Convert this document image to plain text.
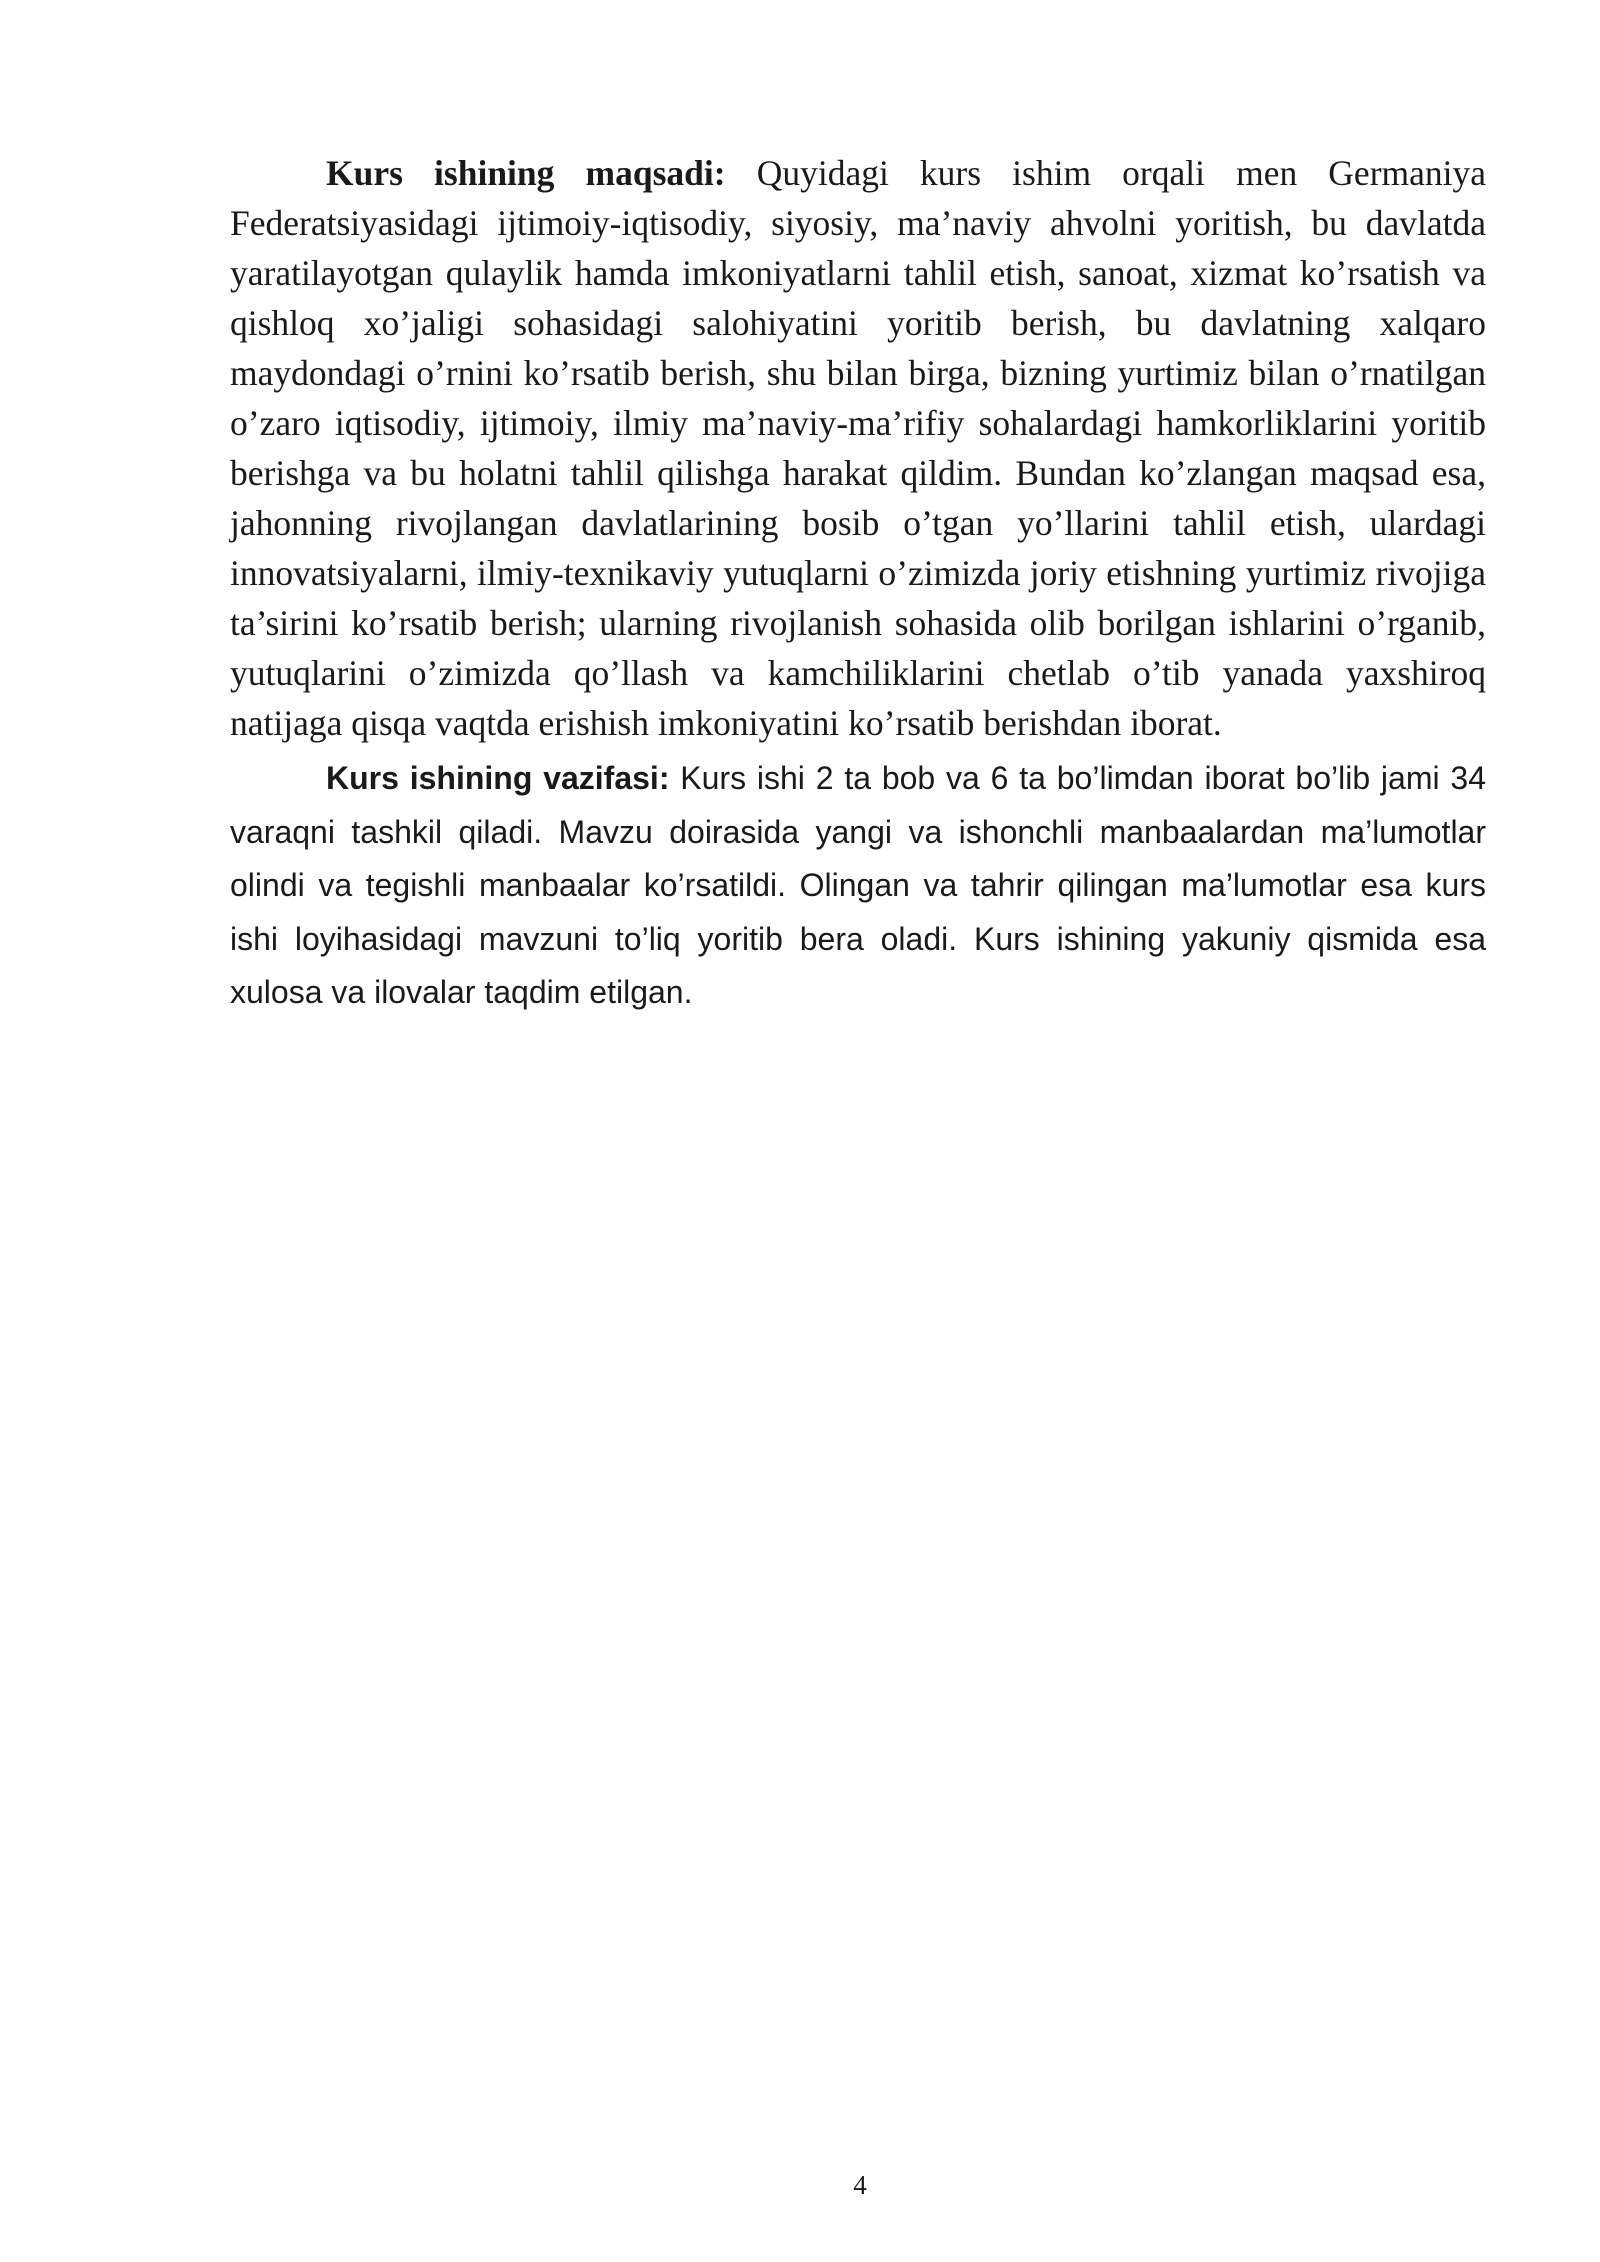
Kurs ishining maqsadi: Quyidagi kurs ishim orqali men Germaniya Federatsiyasidagi ijtimoiy-iqtisodiy, siyosiy, ma’naviy ahvolni yoritish, bu davlatda yaratilayotgan qulaylik hamda imkoniyatlarni tahlil etish, sanoat, xizmat ko’rsatish va qishloq xo’jaligi sohasidagi salohiyatini yoritib berish, bu davlatning xalqaro maydondagi o’rnini ko’rsatib berish, shu bilan birga, bizning yurtimiz bilan o’rnatilgan o’zaro iqtisodiy, ijtimoiy, ilmiy ma’naviy-ma’rifiy sohalardagi hamkorliklarini yoritib berishga va bu holatni tahlil qilishga harakat qildim. Bundan ko’zlangan maqsad esa, jahonning rivojlangan davlatlarining bosib o’tgan yo’llarini tahlil etish, ulardagi innovatsiyalarni, ilmiy-texnikaviy yutuqlarni o’zimizda joriy etishning yurtimiz rivojiga ta’sirini ko’rsatib berish; ularning rivojlanish sohasida olib borilgan ishlarini o’rganib, yutuqlarini o’zimizda qo’llash va kamchiliklarini chetlab o’tib yanada yaxshiroq natijaga qisqa vaqtda erishish imkoniyatini ko’rsatib berishdan iborat.

Kurs ishining vazifasi: Kurs ishi 2 ta bob va 6 ta bo’limdan iborat bo’lib jami 34 varaqni tashkil qiladi. Mavzu doirasida yangi va ishonchli manbaalardan ma’lumotlar olindi va tegishli manbaalar ko’rsatildi. Olingan va tahrir qilingan ma’lumotlar esa kurs ishi loyihasidagi mavzuni to’liq yoritib bera oladi. Kurs ishining yakuniy qismida esa xulosa va ilovalar taqdim etilgan.

4
